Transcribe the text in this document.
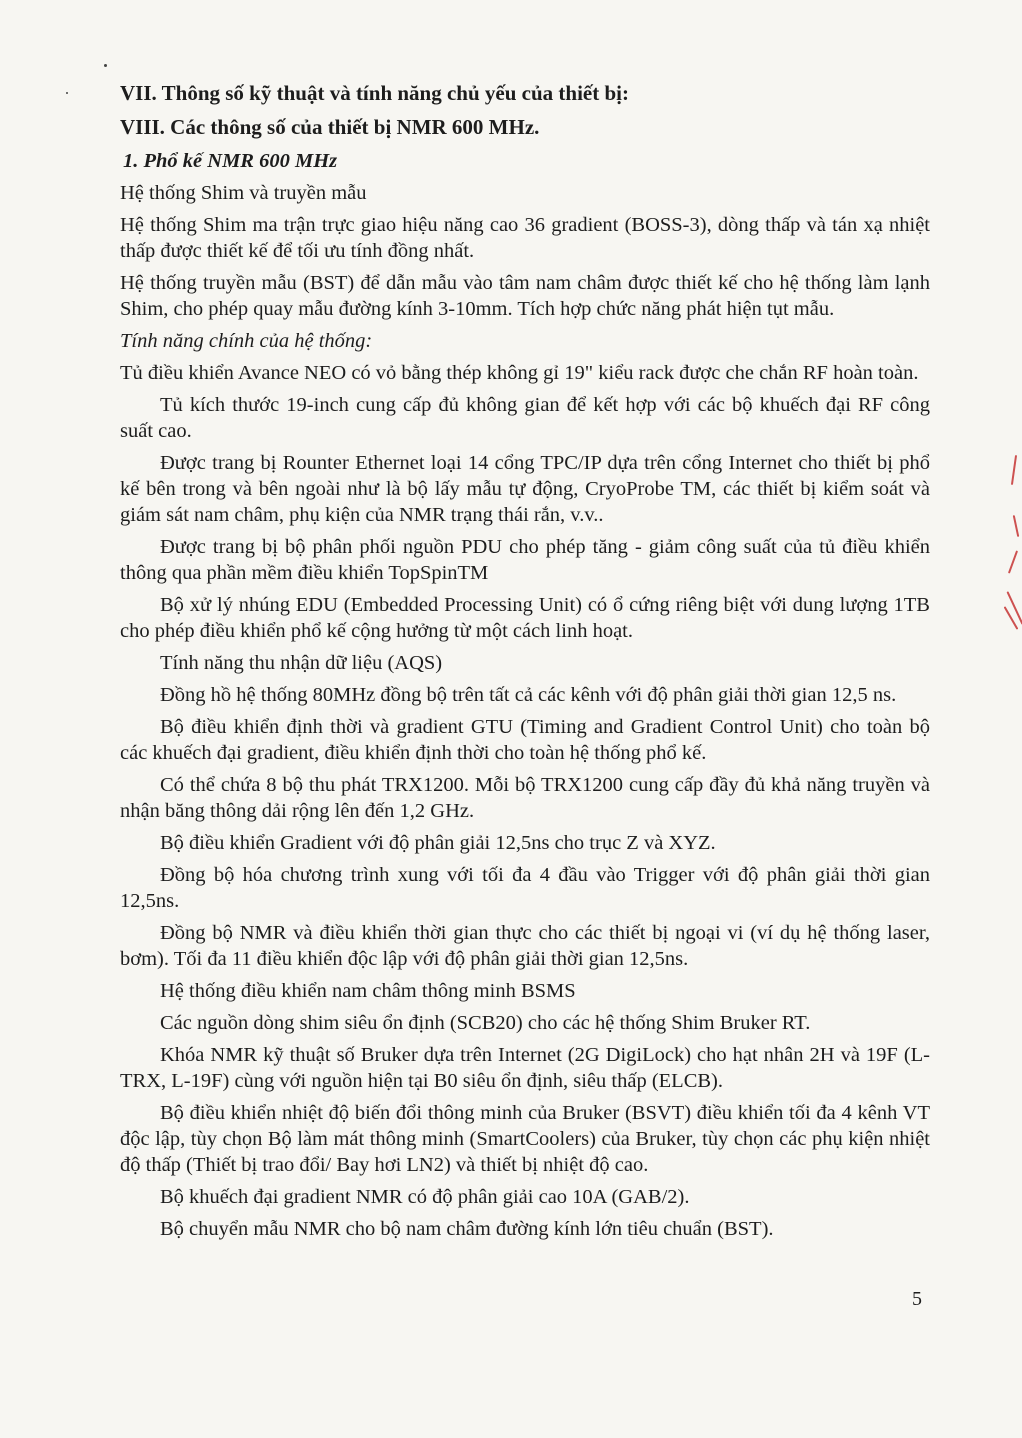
VII. Thông số kỹ thuật và tính năng chủ yếu của thiết bị:

VIII. Các thông số của thiết bị NMR 600 MHz.

1. Phổ kế NMR 600 MHz

Hệ thống Shim và truyền mẫu

Hệ thống Shim ma trận trực giao hiệu năng cao 36 gradient (BOSS-3), dòng thấp và tán xạ nhiệt thấp được thiết kế để tối ưu tính đồng nhất.

Hệ thống truyền mẫu (BST) để dẫn mẫu vào tâm nam châm được thiết kế cho hệ thống làm lạnh Shim, cho phép quay mẫu đường kính 3-10mm. Tích hợp chức năng phát hiện tụt mẫu.

Tính năng chính của hệ thống:

Tủ điều khiển Avance NEO có vỏ bằng thép không gỉ 19" kiểu rack được che chắn RF hoàn toàn.

Tủ kích thước 19-inch cung cấp đủ không gian để kết hợp với các bộ khuếch đại RF công suất cao.

Được trang bị Rounter Ethernet loại 14 cổng TPC/IP dựa trên cổng Internet cho thiết bị phổ kế bên trong và bên ngoài như là bộ lấy mẫu tự động, CryoProbe TM, các thiết bị kiểm soát và giám sát nam châm, phụ kiện của NMR trạng thái rắn, v.v..

Được trang bị bộ phân phối nguồn PDU cho phép tăng - giảm công suất của tủ điều khiển thông qua phần mềm điều khiển TopSpinTM

Bộ xử lý nhúng EDU (Embedded Processing Unit) có ổ cứng riêng biệt với dung lượng 1TB cho phép điều khiển phổ kế cộng hưởng từ một cách linh hoạt.

Tính năng thu nhận dữ liệu (AQS)

Đồng hồ hệ thống 80MHz đồng bộ trên tất cả các kênh với độ phân giải thời gian 12,5 ns.

Bộ điều khiển định thời và gradient GTU (Timing and Gradient Control Unit) cho toàn bộ các khuếch đại gradient, điều khiển định thời cho toàn hệ thống phổ kế.

Có thể chứa 8 bộ thu phát TRX1200. Mỗi bộ TRX1200 cung cấp đầy đủ khả năng truyền và nhận băng thông dải rộng lên đến 1,2 GHz.

Bộ điều khiển Gradient với độ phân giải 12,5ns cho trục Z và XYZ.

Đồng bộ hóa chương trình xung với tối đa 4 đầu vào Trigger với độ phân giải thời gian 12,5ns.

Đồng bộ NMR và điều khiển thời gian thực cho các thiết bị ngoại vi (ví dụ hệ thống laser, bơm). Tối đa 11 điều khiển độc lập với độ phân giải thời gian 12,5ns.

Hệ thống điều khiển nam châm thông minh BSMS

Các nguồn dòng shim siêu ổn định (SCB20) cho các hệ thống Shim Bruker RT.

Khóa NMR kỹ thuật số Bruker dựa trên Internet (2G DigiLock) cho hạt nhân 2H và 19F (L-TRX, L-19F) cùng với nguồn hiện tại B0 siêu ổn định, siêu thấp (ELCB).

Bộ điều khiển nhiệt độ biến đổi thông minh của Bruker (BSVT) điều khiển tối đa 4 kênh VT độc lập, tùy chọn Bộ làm mát thông minh (SmartCoolers) của Bruker, tùy chọn các phụ kiện nhiệt độ thấp (Thiết bị trao đổi/ Bay hơi LN2) và thiết bị nhiệt độ cao.

Bộ khuếch đại gradient NMR có độ phân giải cao 10A (GAB/2).

Bộ chuyển mẫu NMR cho bộ nam châm đường kính lớn tiêu chuẩn (BST).

5
